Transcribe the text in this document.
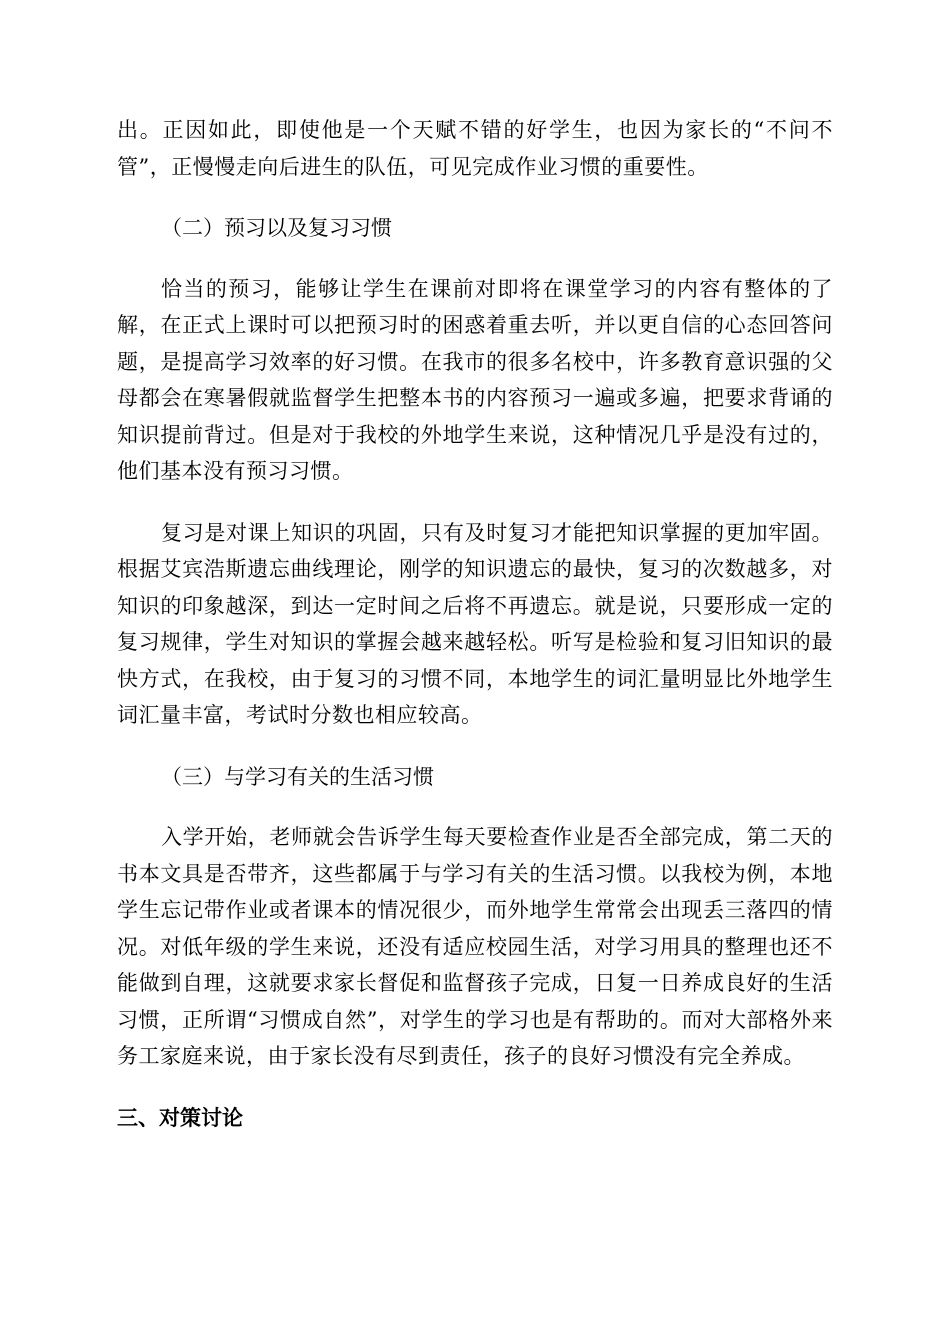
出。正因如此，即使他是一个天赋不错的好学生，也因为家长的“不问不管”，正慢慢走向后进生的队伍，可见完成作业习惯的重要性。

（二）预习以及复习习惯

恰当的预习，能够让学生在课前对即将在课堂学习的内容有整体的了解，在正式上课时可以把预习时的困惑着重去听，并以更自信的心态回答问题，是提高学习效率的好习惯。在我市的很多名校中，许多教育意识强的父母都会在寒暑假就监督学生把整本书的内容预习一遍或多遍，把要求背诵的知识提前背过。但是对于我校的外地学生来说，这种情况几乎是没有过的，他们基本没有预习习惯。

复习是对课上知识的巩固，只有及时复习才能把知识掌握的更加牢固。根据艾宾浩斯遗忘曲线理论，刚学的知识遗忘的最快，复习的次数越多，对知识的印象越深，到达一定时间之后将不再遗忘。就是说，只要形成一定的复习规律，学生对知识的掌握会越来越轻松。听写是检验和复习旧知识的最快方式，在我校，由于复习的习惯不同，本地学生的词汇量明显比外地学生词汇量丰富，考试时分数也相应较高。

（三）与学习有关的生活习惯

入学开始，老师就会告诉学生每天要检查作业是否全部完成，第二天的书本文具是否带齐，这些都属于与学习有关的生活习惯。以我校为例，本地学生忘记带作业或者课本的情况很少，而外地学生常常会出现丢三落四的情况。对低年级的学生来说，还没有适应校园生活，对学习用具的整理也还不能做到自理，这就要求家长督促和监督孩子完成，日复一日养成良好的生活习惯，正所谓“习惯成自然”，对学生的学习也是有帮助的。而对大部格外来务工家庭来说，由于家长没有尽到责任，孩子的良好习惯没有完全养成。

三、对策讨论
